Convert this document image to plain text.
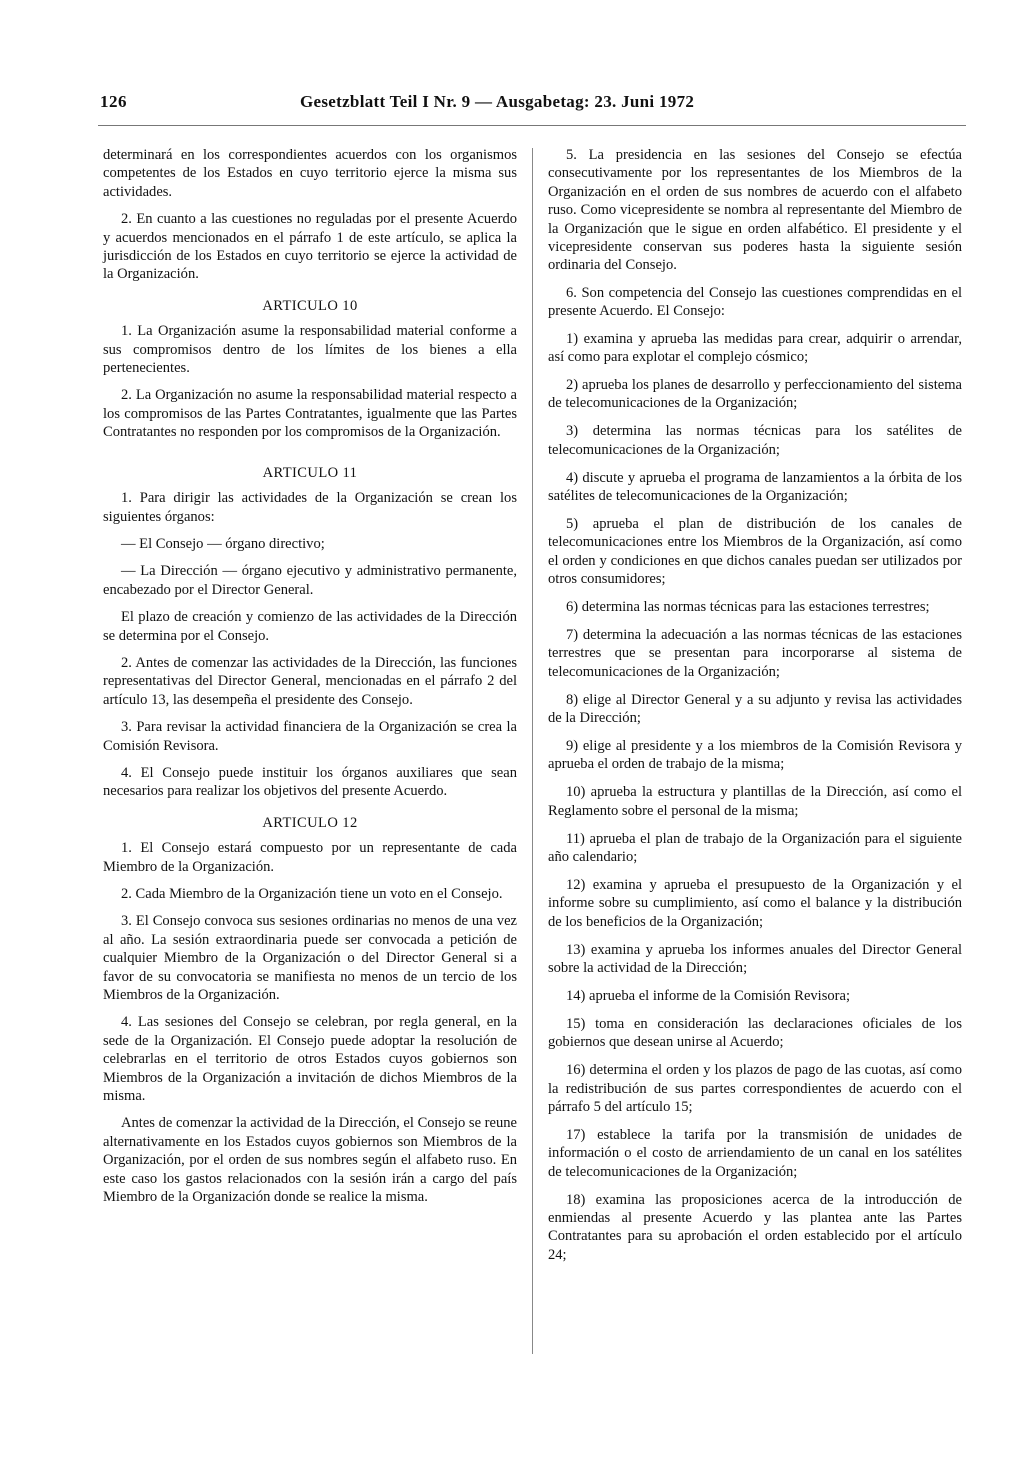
126	Gesetzblatt Teil I Nr. 9 — Ausgabetag: 23. Juni 1972

determinará en los correspondientes acuerdos con los organismos competentes de los Estados en cuyo territorio ejerce la misma sus actividades.

2. En cuanto a las cuestiones no reguladas por el presente Acuerdo y acuerdos mencionados en el párrafo 1 de este artículo, se aplica la jurisdicción de los Estados en cuyo territorio se ejerce la actividad de la Organización.

ARTICULO 10

1. La Organización asume la responsabilidad material conforme a sus compromisos dentro de los límites de los bienes a ella pertenecientes.

2. La Organización no asume la responsabilidad material respecto a los compromisos de las Partes Contratantes, igualmente que las Partes Contratantes no responden por los compromisos de la Organización.

ARTICULO 11

1. Para dirigir las actividades de la Organización se crean los siguientes órganos:

— El Consejo — órgano directivo;

— La Dirección — órgano ejecutivo y administrativo permanente, encabezado por el Director General.

El plazo de creación y comienzo de las actividades de la Dirección se determina por el Consejo.

2. Antes de comenzar las actividades de la Dirección, las funciones representativas del Director General, mencionadas en el párrafo 2 del artículo 13, las desempeña el presidente des Consejo.

3. Para revisar la actividad financiera de la Organización se crea la Comisión Revisora.

4. El Consejo puede instituir los órganos auxiliares que sean necesarios para realizar los objetivos del presente Acuerdo.

ARTICULO 12

1. El Consejo estará compuesto por un representante de cada Miembro de la Organización.

2. Cada Miembro de la Organización tiene un voto en el Consejo.

3. El Consejo convoca sus sesiones ordinarias no menos de una vez al año. La sesión extraordinaria puede ser convocada a petición de cualquier Miembro de la Organización o del Director General si a favor de su convocatoria se manifiesta no menos de un tercio de los Miembros de la Organización.

4. Las sesiones del Consejo se celebran, por regla general, en la sede de la Organización. El Consejo puede adoptar la resolución de celebrarlas en el territorio de otros Estados cuyos gobiernos son Miembros de la Organización a invitación de dichos Miembros de la misma.

Antes de comenzar la actividad de la Dirección, el Consejo se reune alternativamente en los Estados cuyos gobiernos son Miembros de la Organización, por el orden de sus nombres según el alfabeto ruso. En este caso los gastos relacionados con la sesión irán a cargo del país Miembro de la Organización donde se realice la misma.

5. La presidencia en las sesiones del Consejo se efectúa consecutivamente por los representantes de los Miembros de la Organización en el orden de sus nombres de acuerdo con el alfabeto ruso. Como vicepresidente se nombra al representante del Miembro de la Organización que le sigue en orden alfabético. El presidente y el vicepresidente conservan sus poderes hasta la siguiente sesión ordinaria del Consejo.

6. Son competencia del Consejo las cuestiones comprendidas en el presente Acuerdo. El Consejo:

1) examina y aprueba las medidas para crear, adquirir o arrendar, así como para explotar el complejo cósmico;

2) aprueba los planes de desarrollo y perfeccionamiento del sistema de telecomunicaciones de la Organización;

3) determina las normas técnicas para los satélites de telecomunicaciones de la Organización;

4) discute y aprueba el programa de lanzamientos a la órbita de los satélites de telecomunicaciones de la Organización;

5) aprueba el plan de distribución de los canales de telecomunicaciones entre los Miembros de la Organización, así como el orden y condiciones en que dichos canales puedan ser utilizados por otros consumidores;

6) determina las normas técnicas para las estaciones terrestres;

7) determina la adecuación a las normas técnicas de las estaciones terrestres que se presentan para incorporarse al sistema de telecomunicaciones de la Organización;

8) elige al Director General y a su adjunto y revisa las actividades de la Dirección;

9) elige al presidente y a los miembros de la Comisión Revisora y aprueba el orden de trabajo de la misma;

10) aprueba la estructura y plantillas de la Dirección, así como el Reglamento sobre el personal de la misma;

11) aprueba el plan de trabajo de la Organización para el siguiente año calendario;

12) examina y aprueba el presupuesto de la Organización y el informe sobre su cumplimiento, así como el balance y la distribución de los beneficios de la Organización;

13) examina y aprueba los informes anuales del Director General sobre la actividad de la Dirección;

14) aprueba el informe de la Comisión Revisora;

15) toma en consideración las declaraciones oficiales de los gobiernos que desean unirse al Acuerdo;

16) determina el orden y los plazos de pago de las cuotas, así como la redistribución de sus partes correspondientes de acuerdo con el párrafo 5 del artículo 15;

17) establece la tarifa por la transmisión de unidades de información o el costo de arriendamiento de un canal en los satélites de telecomunicaciones de la Organización;

18) examina las proposiciones acerca de la introducción de enmiendas al presente Acuerdo y las plantea ante las Partes Contratantes para su aprobación el orden establecido por el artículo 24;
